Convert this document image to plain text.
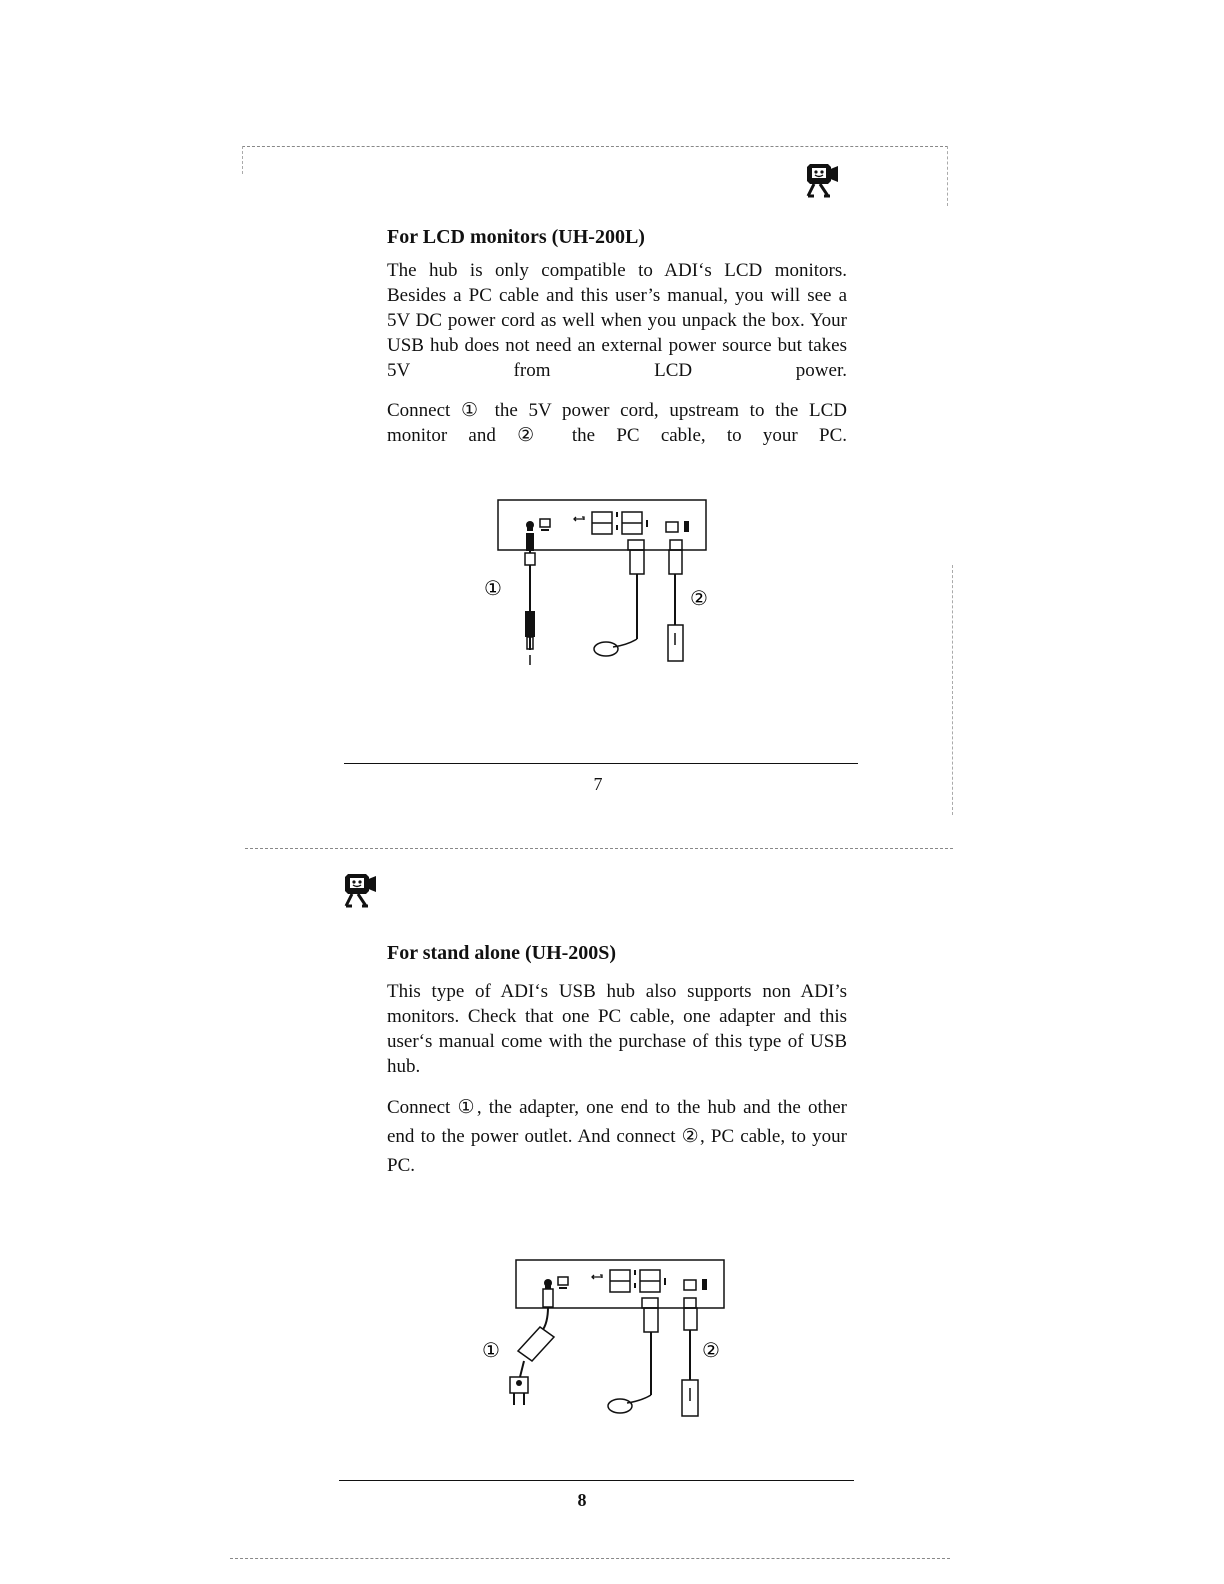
For LCD monitors (UH-200L)
The hub is only compatible to ADI‘s LCD monitors. Besides a PC cable and this user’s manual, you will see a 5V DC power cord as well when you unpack the box. Your USB hub does not need an external power source but takes 5V from LCD power.
Connect ① the 5V power cord, upstream to the LCD monitor and ② the PC cable, to your PC.
①	②
7
For stand alone (UH-200S)
This type of ADI‘s USB hub also supports non ADI’s monitors. Check that one PC cable, one adapter and this user‘s manual come with the purchase of this type of USB hub.
Connect ①, the adapter, one end to the hub and the other end to the power outlet. And connect ②, PC cable, to your PC.
①	②
8
